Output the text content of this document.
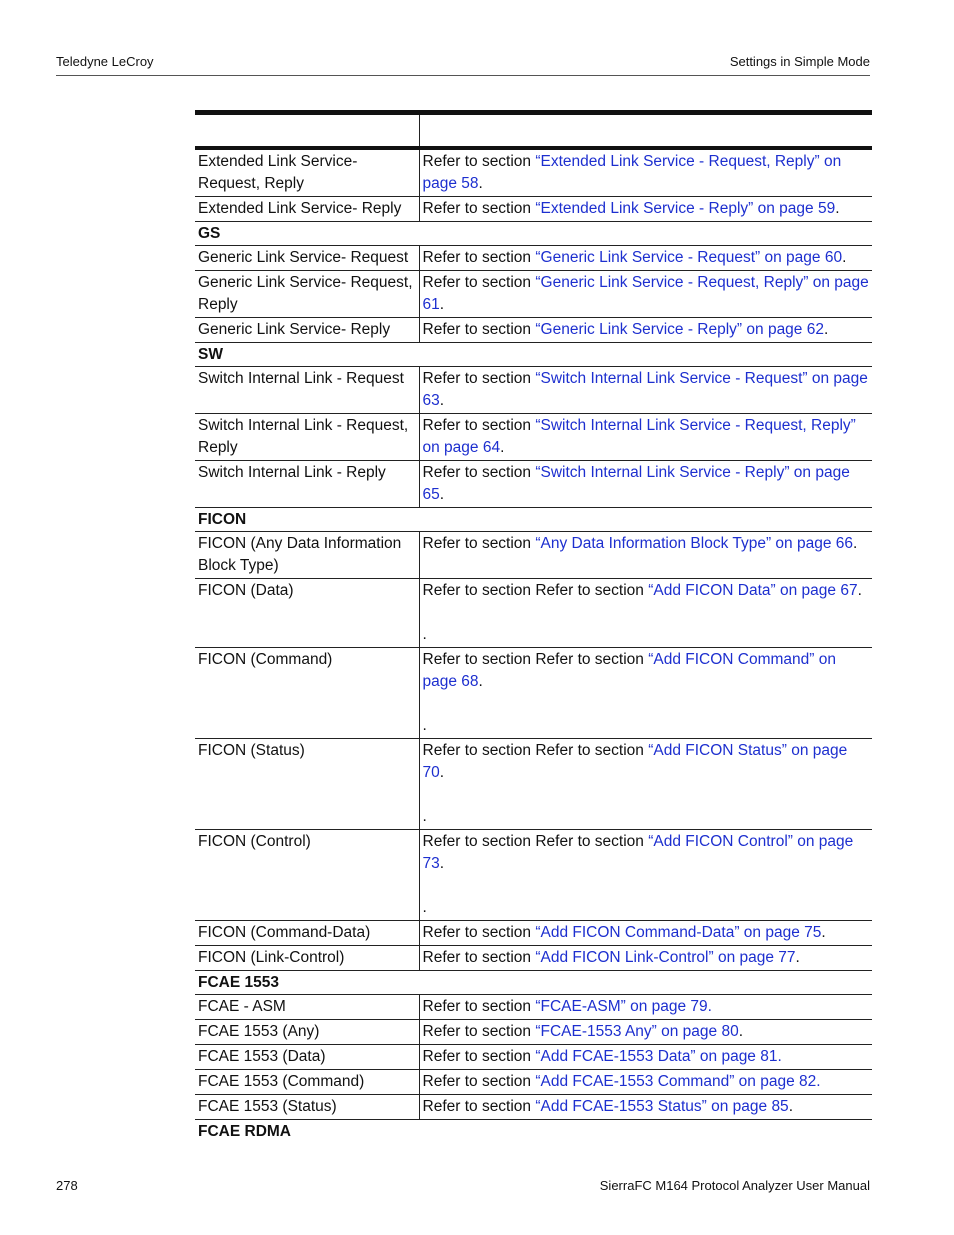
Teledyne LeCroy	Settings in Simple Mode

Extended Link Service- Request, Reply	Refer to section “Extended Link Service - Request, Reply” on page 58.
Extended Link Service- Reply	Refer to section “Extended Link Service - Reply” on page 59.
GS	
Generic Link Service- Request	Refer to section “Generic Link Service - Request” on page 60.
Generic Link Service- Request, Reply	Refer to section “Generic Link Service - Request, Reply” on page 61.
Generic Link Service- Reply	Refer to section “Generic Link Service - Reply” on page 62.
SW	
Switch Internal Link - Request	Refer to section “Switch Internal Link Service - Request” on page 63.
Switch Internal Link - Request, Reply	Refer to section “Switch Internal Link Service - Request, Reply” on page 64.
Switch Internal Link - Reply	Refer to section “Switch Internal Link Service - Reply” on page 65.
FICON	
FICON (Any Data Information Block Type)	Refer to section “Any Data Information Block Type” on page 66.
FICON (Data)	Refer to section Refer to section “Add FICON Data” on page 67.

.

FICON (Command)	Refer to section Refer to section “Add FICON Command” on page 68.

.

FICON (Status)	Refer to section Refer to section “Add FICON Status” on page 70.

.

FICON (Control)	Refer to section Refer to section “Add FICON Control” on page 73.

.

FICON (Command-Data)	Refer to section “Add FICON Command-Data” on page 75.
FICON (Link-Control)	Refer to section “Add FICON Link-Control” on page 77.
FCAE 1553	
FCAE - ASM	Refer to section “FCAE-ASM” on page 79.
FCAE 1553 (Any)	Refer to section “FCAE-1553 Any” on page 80.
FCAE 1553 (Data)	Refer to section “Add FCAE-1553 Data” on page 81.
FCAE 1553 (Command)	Refer to section “Add FCAE-1553 Command” on page 82.
FCAE 1553 (Status)	Refer to section “Add FCAE-1553 Status” on page 85.
FCAE RDMA	
278	SierraFC M164 Protocol Analyzer User Manual
